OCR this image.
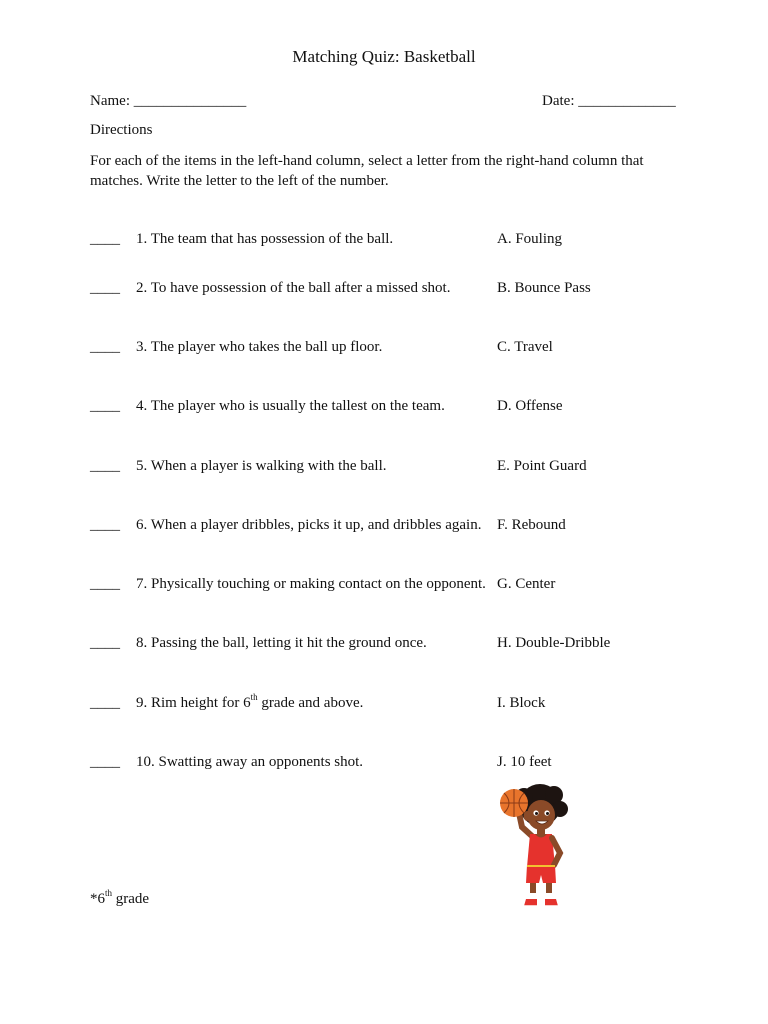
Matching Quiz: Basketball
Name: _______________	Date: _____________
Directions
For each of the items in the left-hand column, select a letter from the right-hand column that matches. Write the letter to the left of the number.
____ 1. The team that has possession of the ball.	A. Fouling
____ 2. To have possession of the ball after a missed shot.	B. Bounce Pass
____ 3. The player who takes the ball up floor.	C. Travel
____ 4. The player who is usually the tallest on the team.	D. Offense
____ 5. When a player is walking with the ball.	E. Point Guard
____ 6. When a player dribbles, picks it up, and dribbles again. F. Rebound
____ 7. Physically touching or making contact on the opponent. G. Center
____ 8. Passing the ball, letting it hit the ground once.	H. Double-Dribble
____ 9. Rim height for 6th grade and above.	I. Block
____ 10. Swatting away an opponents shot.	J. 10 feet
*6th grade
